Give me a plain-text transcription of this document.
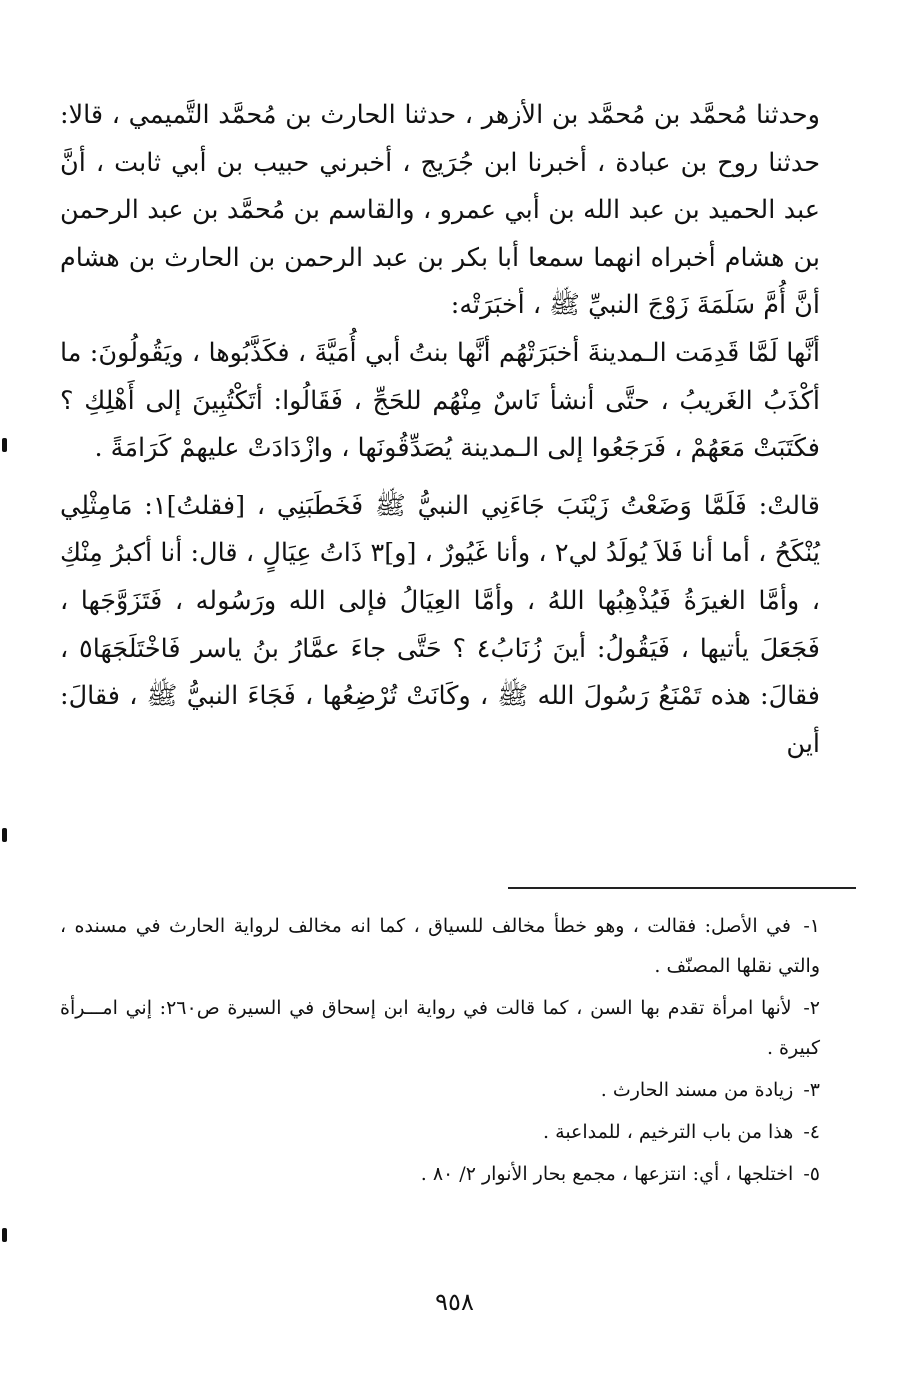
وحدثنا مُحمَّد بن مُحمَّد بن الأزهر ، حدثنا الحارث بن مُحمَّد التَّميمي ، قالا: حدثنا روح بن عبادة ، أخبرنا ابن جُرَيج ، أخبرني حبيب بن أبي ثابت ، أنَّ عبد الحميد بن عبد الله بن أبي عمرو ، والقاسم بن مُحمَّد بن عبد الرحمن بن هشام أخبراه انهما سمعا أبا بكر بن عبد الرحمن بن الحارث بن هشام أنَّ أُمَّ سَلَمَةَ زَوْجَ النبيِّ ﷺ ، أخبَرَتْه:

أنَّها لَمَّا قَدِمَت الـمدينةَ أخبَرَتْهُم أنَّها بنتُ أبي أُمَيَّةَ ، فكَذَّبُوها ، ويَقُولُونَ: ما أكْذَبُ الغَريبُ ، حتَّى أنشأ نَاسٌ مِنْهُم للحَجِّ ، فَقَالُوا: أتَكْتُبِينَ إلى أَهْلِكِ ؟ فكَتَبَتْ مَعَهُمْ ، فَرَجَعُوا إلى الـمدينة يُصَدِّقُونَها ، وازْدَادَتْ عليهمْ كَرَامَةً .

قالتْ: فَلَمَّا وَضَعْتُ زَيْنَبَ جَاءَنِي النبيُّ ﷺ فَخَطَبَنِي ، [فقلتُ]١: مَامِثْلِي يُنْكَحُ ، أما أنا فَلاَ يُولَدُ لي٢ ، وأنا غَيُورٌ ، [و]٣ ذَاتُ عِيَالٍ ، قال: أنا أكبرُ مِنْكِ ، وأمَّا الغيرَةُ فَيُذْهِبُها اللهُ ، وأمَّا العِيَالُ فإلى الله ورَسُوله ، فَتَزَوَّجَها ، فَجَعَلَ يأتيها ، فَيَقُولُ: أينَ زُنَابُ٤ ؟ حَتَّى جاءَ عمَّارُ بنُ ياسر فَاخْتَلَجَهَا٥ ، فقالَ: هذه تَمْنَعُ رَسُولَ الله ﷺ ، وكَانَتْ تُرْضِعُها ، فَجَاءَ النبيُّ ﷺ ، فقالَ: أين

١- في الأصل: فقالت ، وهو خطأ مخالف للسياق ، كما انه مخالف لرواية الحارث في مسنده ، والتي نقلها المصنّف .

٢- لأنها امرأة تقدم بها السن ، كما قالت في رواية ابن إسحاق في السيرة ص٢٦٠: إني امـــرأة كبيرة .

٣- زيادة من مسند الحارث .

٤- هذا من باب الترخيم ، للمداعبة .

٥- اختلجها ، أي: انتزعها ، مجمع بحار الأنوار ٢/ ٨٠ .

٩٥٨
